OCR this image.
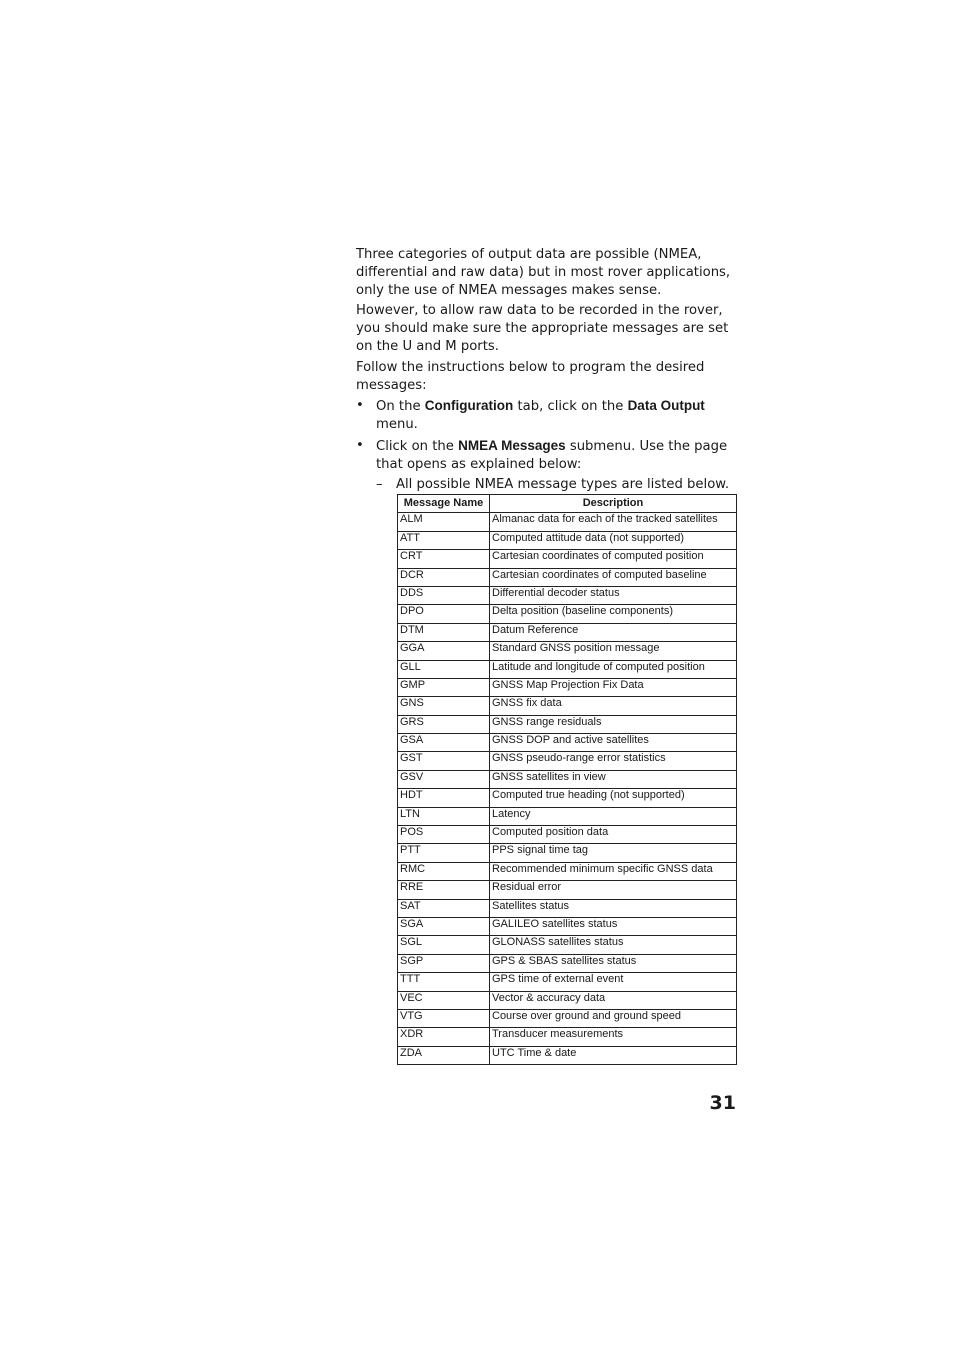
Three categories of output data are possible (NMEA, differential and raw data) but in most rover applications, only the use of NMEA messages makes sense.

However, to allow raw data to be recorded in the rover, you should make sure the appropriate messages are set on the U and M ports.

Follow the instructions below to program the desired messages:

• On the Configuration tab, click on the Data Output menu.
• Click on the NMEA Messages submenu. Use the page that opens as explained below:
– All possible NMEA message types are listed below.
Message Name	Description
ALM	Almanac data for each of the tracked satellites
ATT	Computed attitude data (not supported)
CRT	Cartesian coordinates of computed position
DCR	Cartesian coordinates of computed baseline
DDS	Differential decoder status
DPO	Delta position (baseline components)
DTM	Datum Reference
GGA	Standard GNSS position message
GLL	Latitude and longitude of computed position
GMP	GNSS Map Projection Fix Data
GNS	GNSS fix data
GRS	GNSS range residuals
GSA	GNSS DOP and active satellites
GST	GNSS pseudo-range error statistics
GSV	GNSS satellites in view
HDT	Computed true heading (not supported)
LTN	Latency
POS	Computed position data
PTT	PPS signal time tag
RMC	Recommended minimum specific GNSS data
RRE	Residual error
SAT	Satellites status
SGA	GALILEO satellites status
SGL	GLONASS satellites status
SGP	GPS & SBAS satellites status
TTT	GPS time of external event
VEC	Vector & accuracy data
VTG	Course over ground and ground speed
XDR	Transducer measurements
ZDA	UTC Time & date
31
